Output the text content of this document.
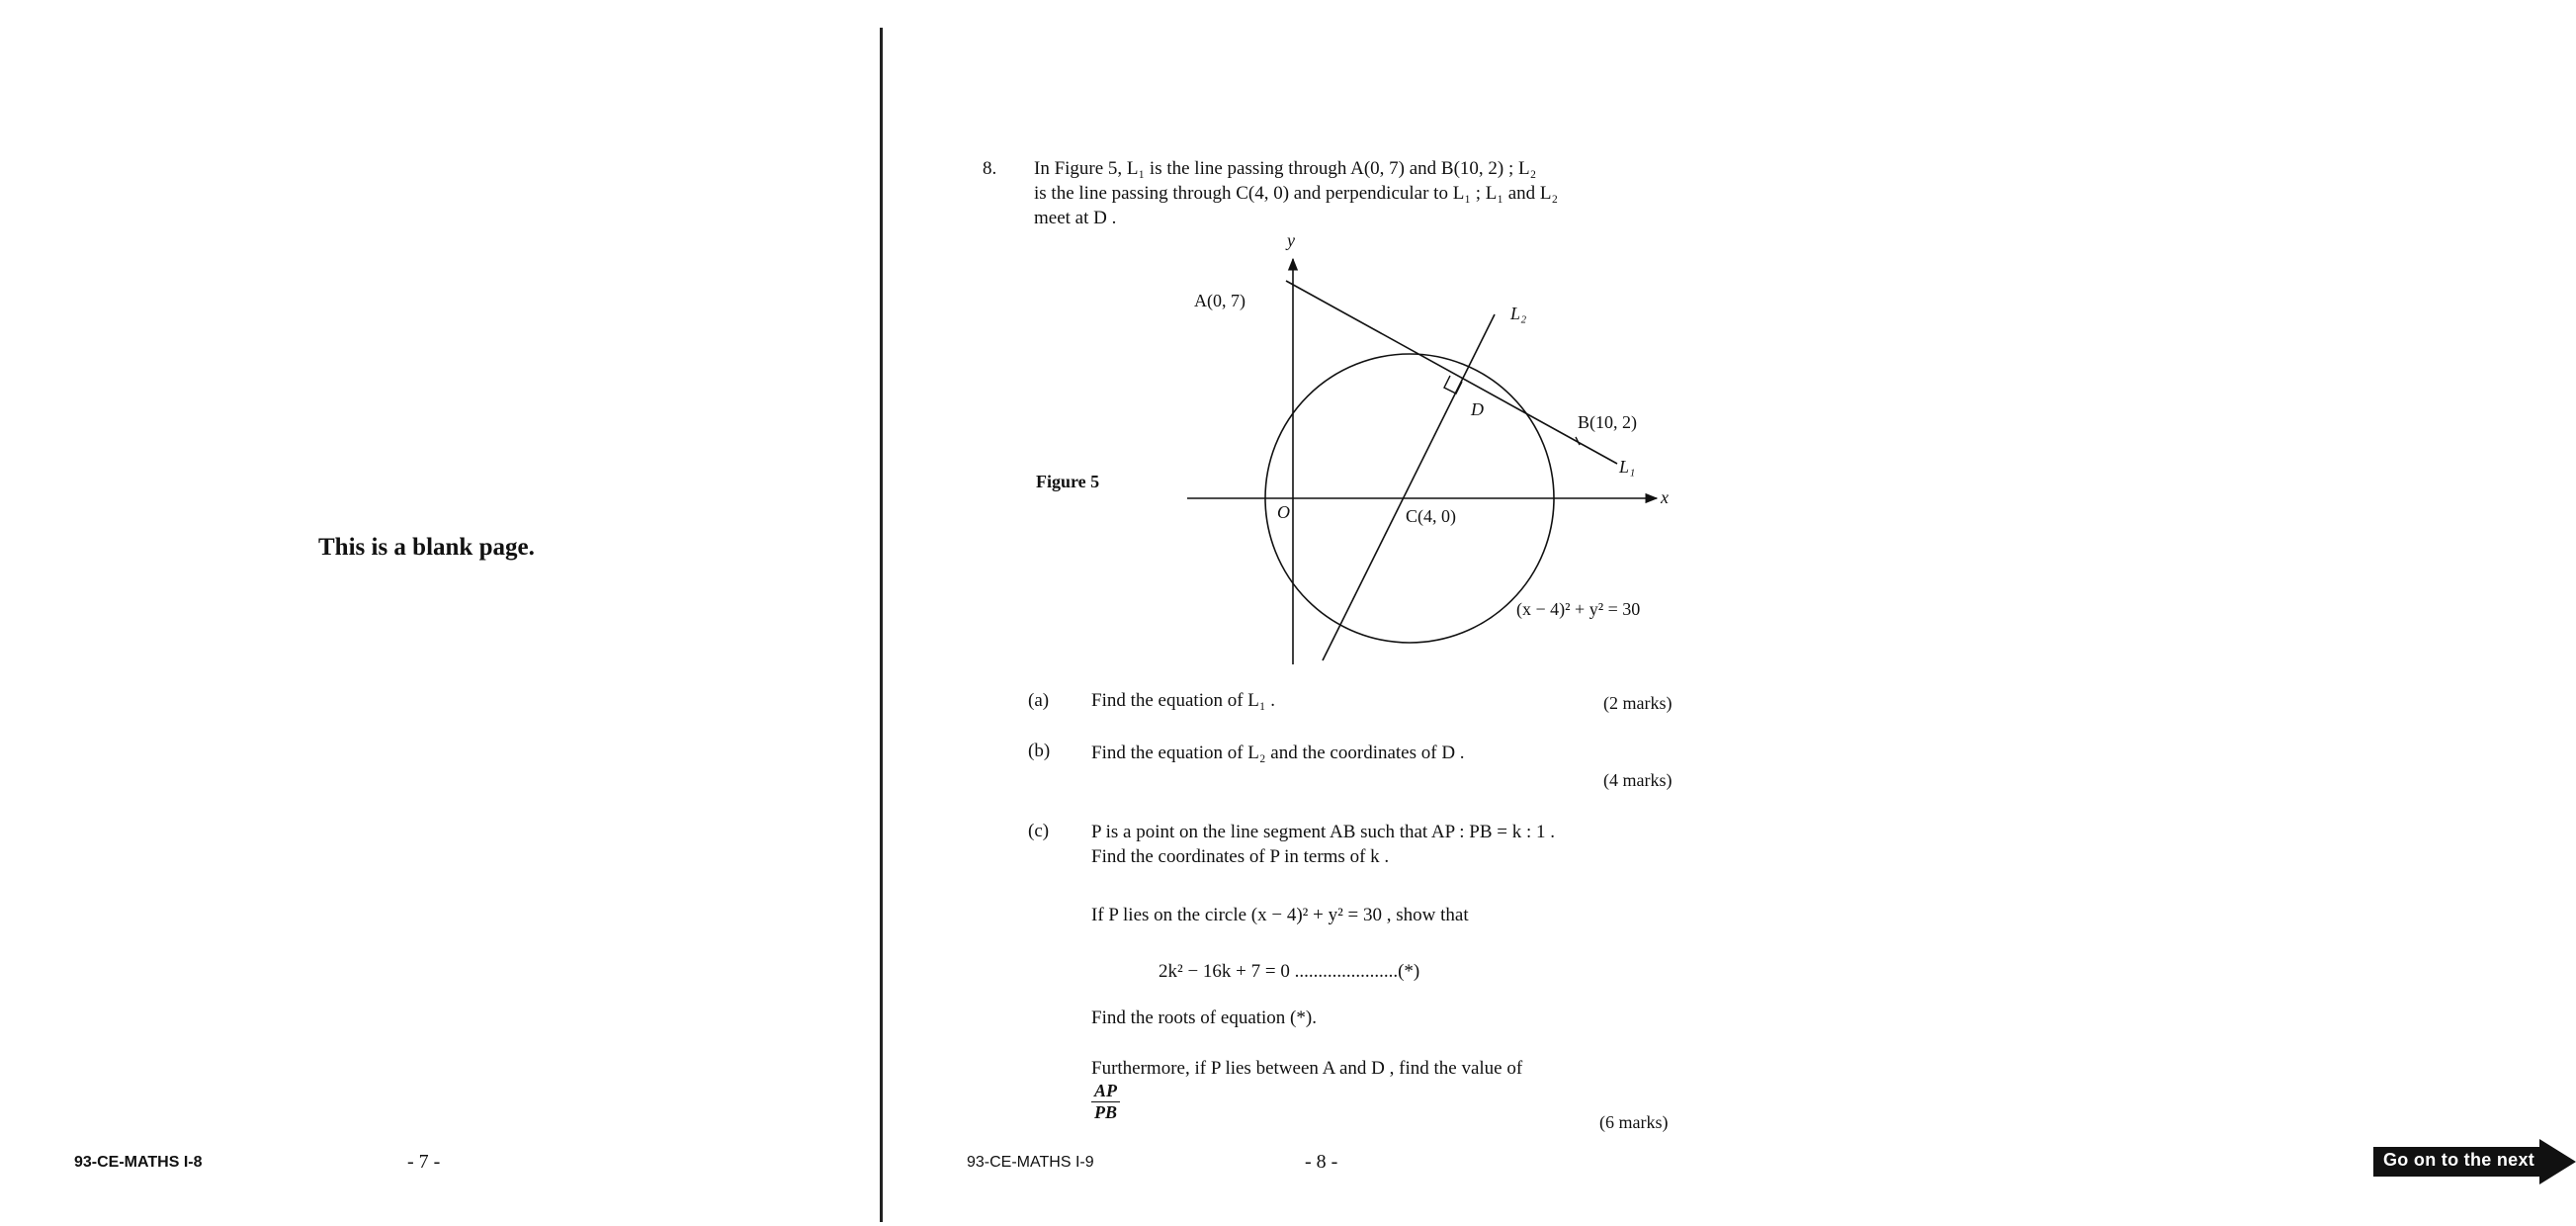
This is a blank page.
93-CE-MATHS I-8	- 7 -
8. In Figure 5, L₁ is the line passing through A(0, 7) and B(10, 2) ; L₂
is the line passing through C(4, 0) and perpendicular to L₁ ; L₁ and L₂
meet at D .
Figure 5
y
x
A(0, 7)
B(10, 2)
C(4, 0)
D
O
L₁
L₂
(x − 4)² + y² = 30
(a) Find the equation of L₁ .	(2 marks)
(b) Find the equation of L₂ and the coordinates of D .
(4 marks)
(c) P is a point on the line segment AB such that AP : PB = k : 1 .
Find the coordinates of P in terms of k .
If P lies on the circle (x − 4)² + y² = 30 , show that
2k² − 16k + 7 = 0 ......................(*)
Find the roots of equation (*).
Furthermore, if P lies between A and D , find the value of
$\frac{AP}{PB}$	(6 marks)
93-CE-MATHS I-9	- 8 -	Go on to the next page
